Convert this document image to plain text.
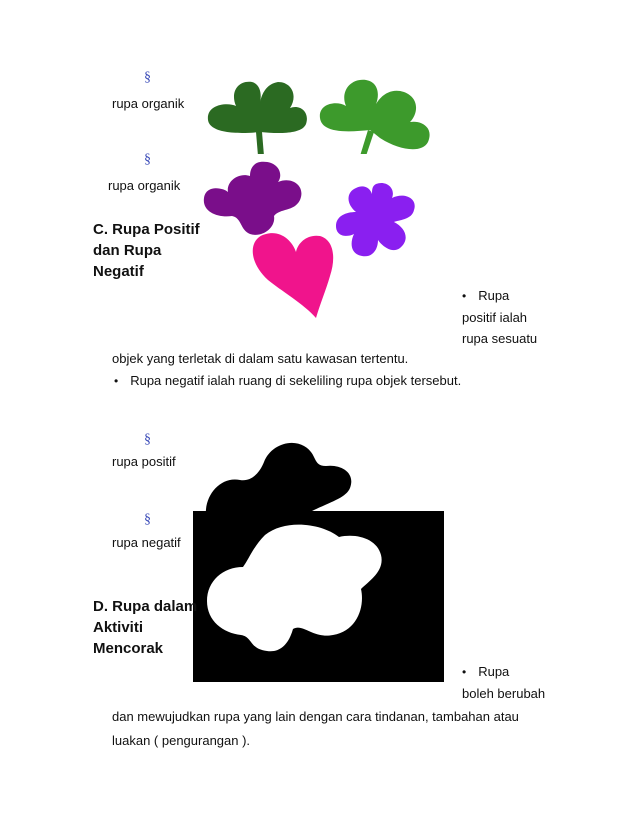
§
rupa organik
§
rupa organik
C. Rupa Positif
dan Rupa
Negatif
• Rupa
positif ialah
rupa sesuatu
objek yang terletak di dalam satu kawasan tertentu.
• Rupa negatif ialah ruang di sekeliling rupa objek tersebut.
§
rupa positif
§
rupa negatif
D. Rupa dalam
Aktiviti
Mencorak
• Rupa
boleh berubah
dan mewujudkan rupa yang lain dengan cara tindanan, tambahan atau
luakan ( pengurangan ).
